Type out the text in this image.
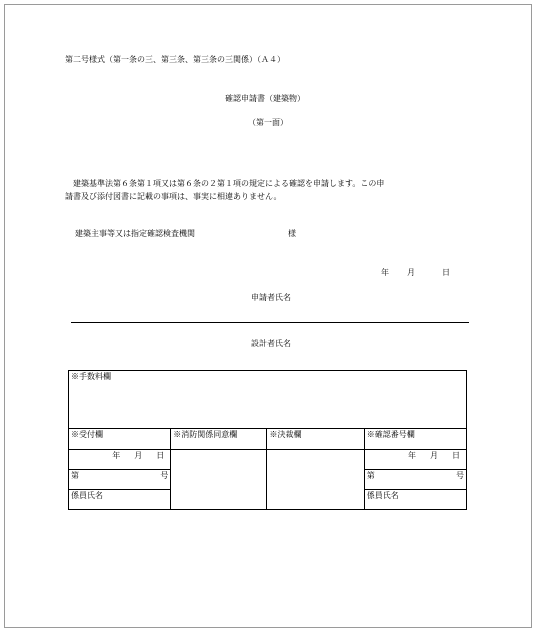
第二号様式（第一条の三、第三条、第三条の三関係）（Ａ４）
確認申請書（建築物）
（第一面）
　建築基準法第６条第１項又は第６条の２第１項の規定による確認を申請します。この申
請書及び添付図書に記載の事項は、事実に相違ありません。
建築主事等又は指定確認検査機関	様
年 月	日
申請者氏名
設計者氏名
※手数料欄			
※受付欄	※消防関係同意欄	※決裁欄	※確認番号欄

年 月 日			年 月 日

第 号			第 号

係員氏名			係員氏名
